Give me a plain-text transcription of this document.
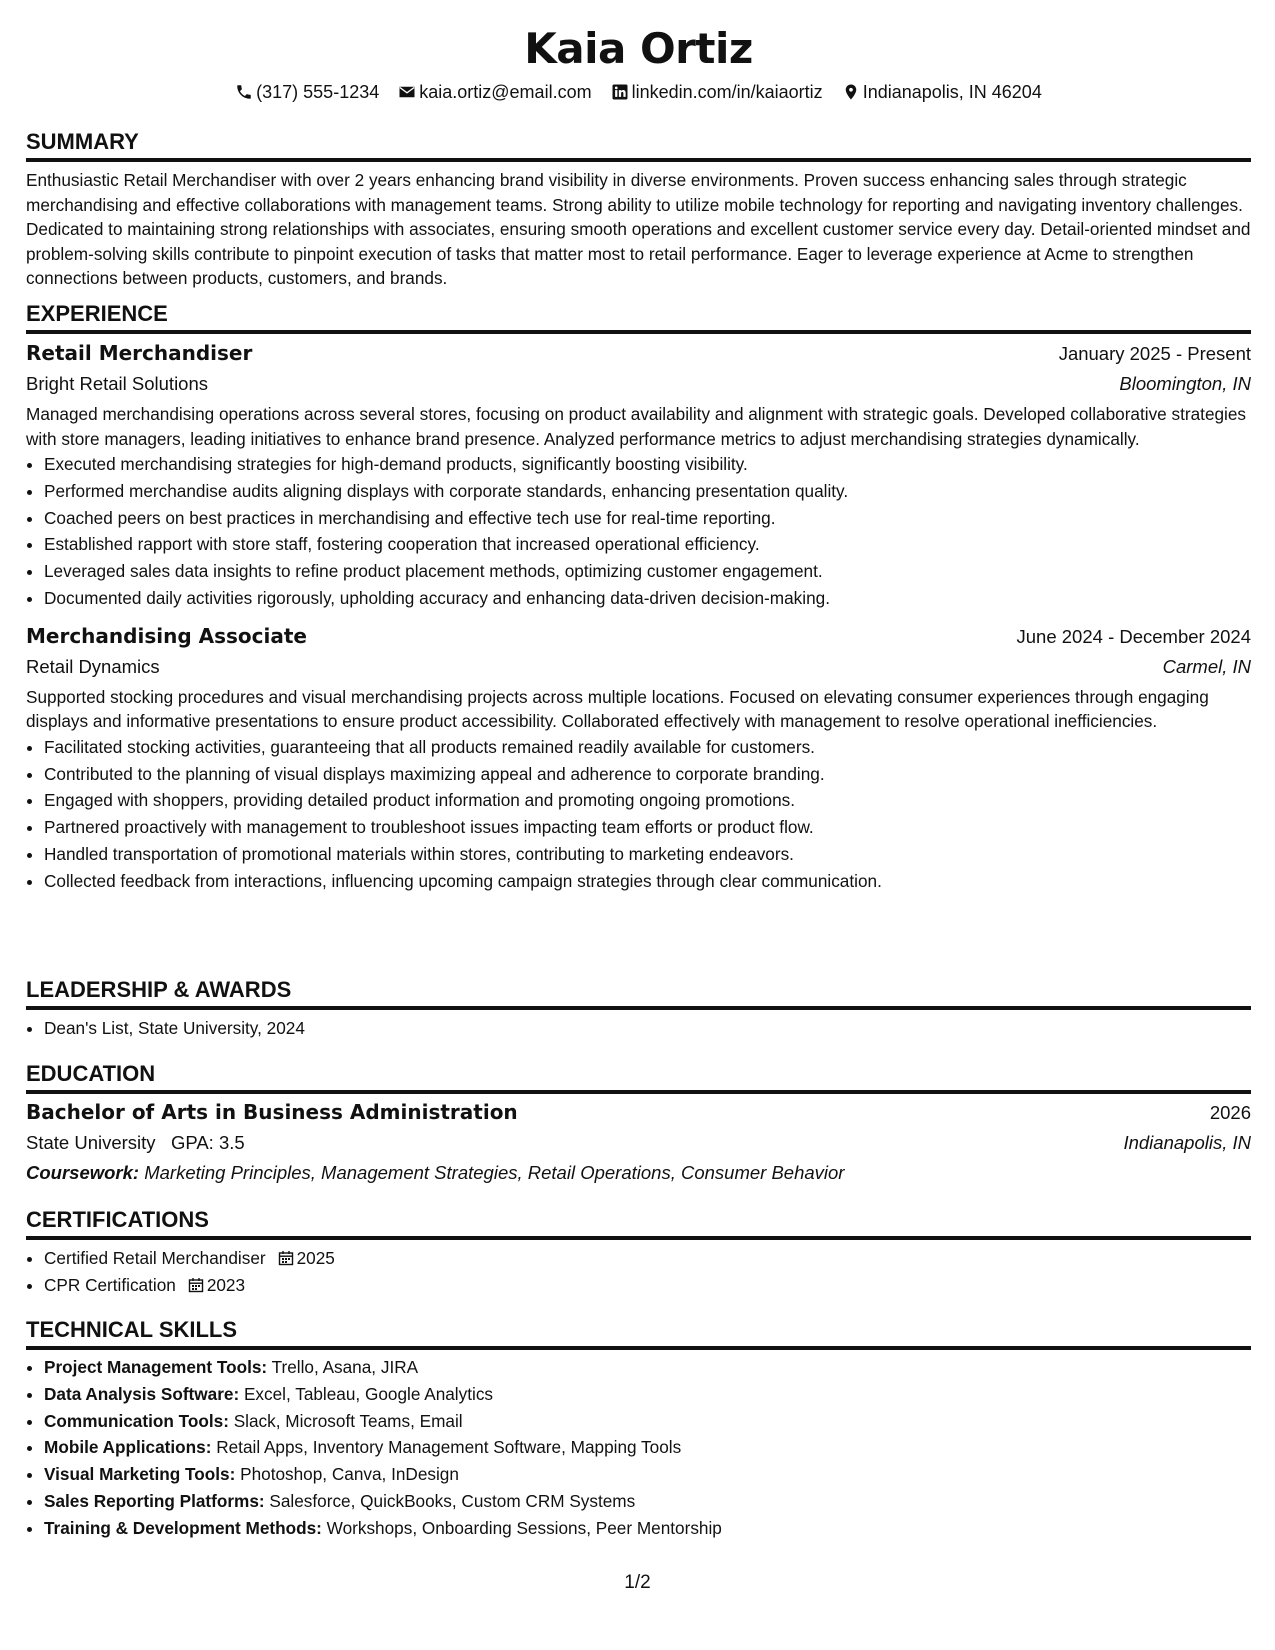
Kaia Ortiz
(317) 555-1234 kaia.ortiz@email.com linkedin.com/in/kaiaortiz Indianapolis, IN 46204
SUMMARY

Enthusiastic Retail Merchandiser with over 2 years enhancing brand visibility in diverse environments. Proven success enhancing sales through strategic merchandising and effective collaborations with management teams. Strong ability to utilize mobile technology for reporting and navigating inventory challenges. Dedicated to maintaining strong relationships with associates, ensuring smooth operations and excellent customer service every day. Detail-oriented mindset and problem-solving skills contribute to pinpoint execution of tasks that matter most to retail performance. Eager to leverage experience at Acme to strengthen connections between products, customers, and brands.

EXPERIENCE
Retail Merchandiser	January 2025 - Present
Bright Retail Solutions	Bloomington, IN

Managed merchandising operations across several stores, focusing on product availability and alignment with strategic goals. Developed collaborative strategies with store managers, leading initiatives to enhance brand presence. Analyzed performance metrics to adjust merchandising strategies dynamically.

• Executed merchandising strategies for high-demand products, significantly boosting visibility.
• Performed merchandise audits aligning displays with corporate standards, enhancing presentation quality.
• Coached peers on best practices in merchandising and effective tech use for real-time reporting.
• Established rapport with store staff, fostering cooperation that increased operational efficiency.
• Leveraged sales data insights to refine product placement methods, optimizing customer engagement.
• Documented daily activities rigorously, upholding accuracy and enhancing data-driven decision-making.
Merchandising Associate	June 2024 - December 2024
Retail Dynamics	Carmel, IN

Supported stocking procedures and visual merchandising projects across multiple locations. Focused on elevating consumer experiences through engaging displays and informative presentations to ensure product accessibility. Collaborated effectively with management to resolve operational inefficiencies.

• Facilitated stocking activities, guaranteeing that all products remained readily available for customers.
• Contributed to the planning of visual displays maximizing appeal and adherence to corporate branding.
• Engaged with shoppers, providing detailed product information and promoting ongoing promotions.
• Partnered proactively with management to troubleshoot issues impacting team efforts or product flow.
• Handled transportation of promotional materials within stores, contributing to marketing endeavors.
• Collected feedback from interactions, influencing upcoming campaign strategies through clear communication.
LEADERSHIP & AWARDS
• Dean's List, State University, 2024
EDUCATION
Bachelor of Arts in Business Administration	2026
State University GPA: 3.5	Indianapolis, IN
Coursework: Marketing Principles, Management Strategies, Retail Operations, Consumer Behavior
CERTIFICATIONS
• Certified Retail Merchandiser 2025
• CPR Certification 2023
TECHNICAL SKILLS
• Project Management Tools: Trello, Asana, JIRA
• Data Analysis Software: Excel, Tableau, Google Analytics
• Communication Tools: Slack, Microsoft Teams, Email
• Mobile Applications: Retail Apps, Inventory Management Software, Mapping Tools
• Visual Marketing Tools: Photoshop, Canva, InDesign
• Sales Reporting Platforms: Salesforce, QuickBooks, Custom CRM Systems
• Training & Development Methods: Workshops, Onboarding Sessions, Peer Mentorship
1/2
